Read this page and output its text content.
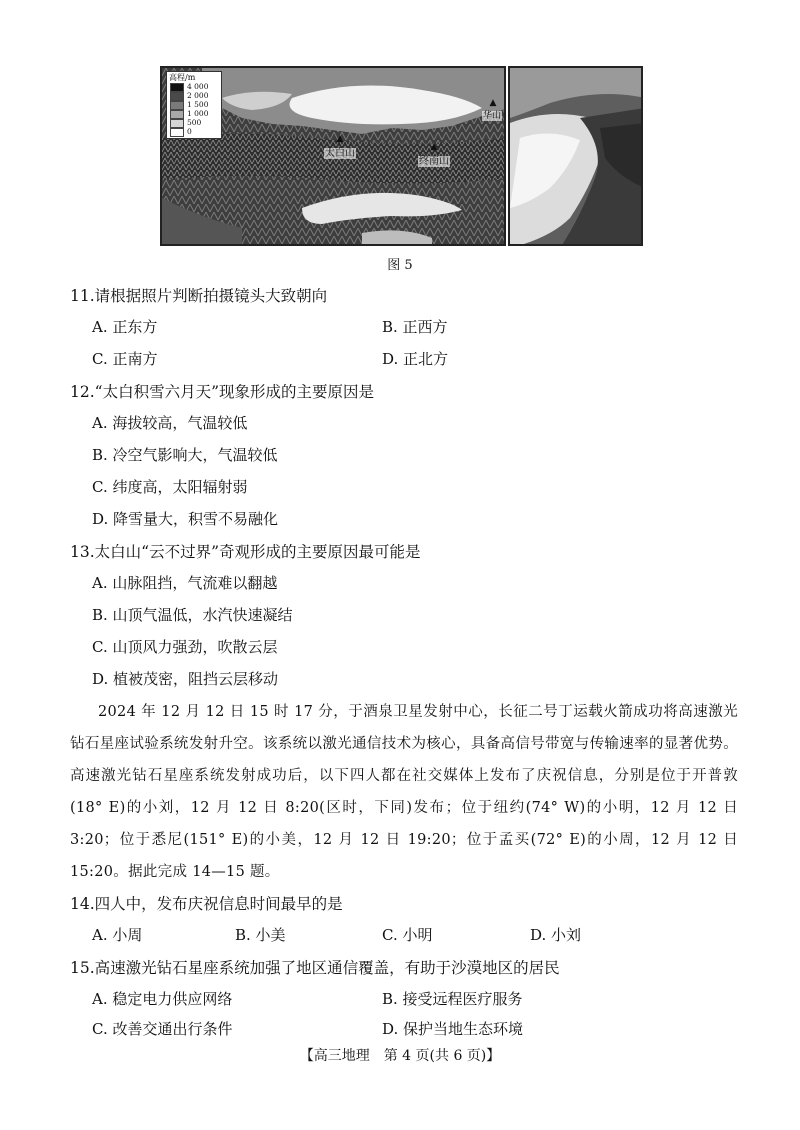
高程/m
4 000
2 000
1 500
1 000
500
0
▲
太白山
▲
终南山
▲
华山
图 5
11.请根据照片判断拍摄镜头大致朝向
A. 正东方	B. 正西方
C. 正南方	D. 正北方
12.“太白积雪六月天”现象形成的主要原因是
A. 海拔较高，气温较低
B. 冷空气影响大，气温较低
C. 纬度高，太阳辐射弱
D. 降雪量大，积雪不易融化
13.太白山“云不过界”奇观形成的主要原因最可能是
A. 山脉阻挡，气流难以翻越
B. 山顶气温低，水汽快速凝结
C. 山顶风力强劲，吹散云层
D. 植被茂密，阻挡云层移动
2024 年 12 月 12 日 15 时 17 分，于酒泉卫星发射中心，长征二号丁运载火箭成功将高速激光钻石星座试验系统发射升空。该系统以激光通信技术为核心，具备高信号带宽与传输速率的显著优势。高速激光钻石星座系统发射成功后，以下四人都在社交媒体上发布了庆祝信息，分别是位于开普敦(18° E)的小刘，12 月 12 日 8:20(区时，下同)发布；位于纽约(74° W)的小明，12 月 12 日 3:20；位于悉尼(151° E)的小美，12 月 12 日 19:20；位于孟买(72° E)的小周，12 月 12 日 15:20。据此完成 14—15 题。
14.四人中，发布庆祝信息时间最早的是
A. 小周	B. 小美	C. 小明	D. 小刘
15.高速激光钻石星座系统加强了地区通信覆盖，有助于沙漠地区的居民
A. 稳定电力供应网络	B. 接受远程医疗服务
C. 改善交通出行条件	D. 保护当地生态环境
【高三地理　第 4 页(共 6 页)】
